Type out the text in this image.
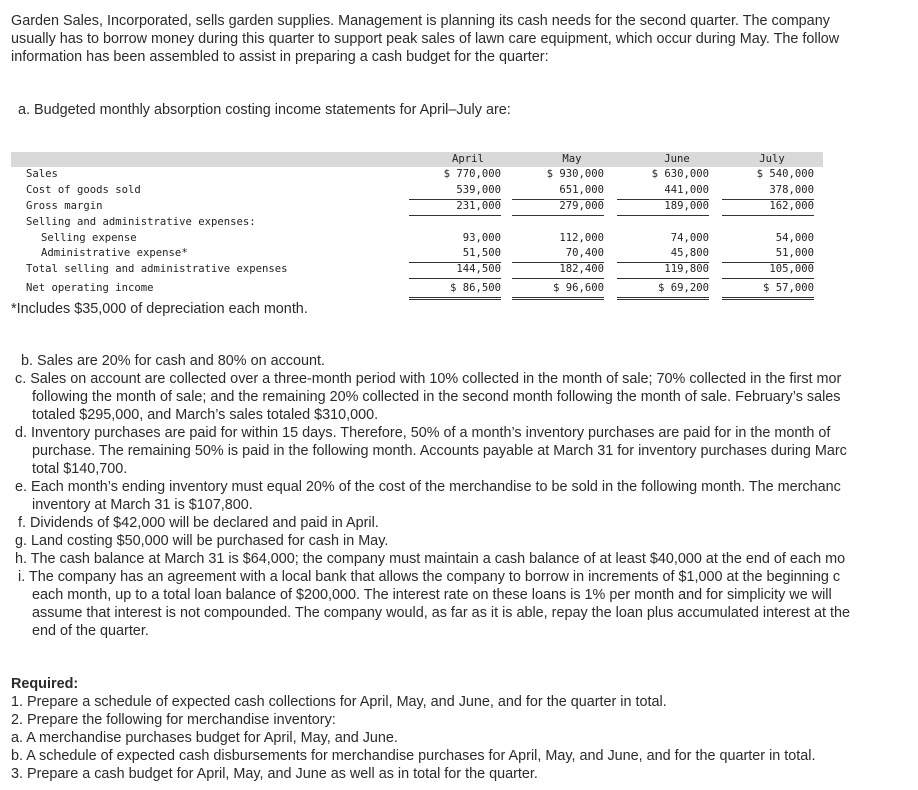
Garden Sales, Incorporated, sells garden supplies. Management is planning its cash needs for the second quarter. The company

usually has to borrow money during this quarter to support peak sales of lawn care equipment, which occur during May. The follow

information has been assembled to assist in preparing a cash budget for the quarter:

a. Budgeted monthly absorption costing income statements for April–July are:

April	May	June	July
Sales	$ 770,000	$ 930,000	$ 630,000	$ 540,000
Cost of goods sold	539,000	651,000	441,000	378,000
Gross margin	231,000	279,000	189,000	162,000
Selling and administrative expenses:
Selling expense	93,000	112,000	74,000	54,000
Administrative expense*	51,500	70,400	45,800	51,000
Total selling and administrative expenses	144,500	182,400	119,800	105,000
Net operating income	$ 86,500	$ 96,600	$ 69,200	$ 57,000

*Includes $35,000 of depreciation each month.

b. Sales are 20% for cash and 80% on account.

c. Sales on account are collected over a three-month period with 10% collected in the month of sale; 70% collected in the first mor

following the month of sale; and the remaining 20% collected in the second month following the month of sale. February’s sales

totaled $295,000, and March’s sales totaled $310,000.

d. Inventory purchases are paid for within 15 days. Therefore, 50% of a month’s inventory purchases are paid for in the month of

purchase. The remaining 50% is paid in the following month. Accounts payable at March 31 for inventory purchases during Marc

total $140,700.

e. Each month’s ending inventory must equal 20% of the cost of the merchandise to be sold in the following month. The merchanc

inventory at March 31 is $107,800.

f. Dividends of $42,000 will be declared and paid in April.

g. Land costing $50,000 will be purchased for cash in May.

h. The cash balance at March 31 is $64,000; the company must maintain a cash balance of at least $40,000 at the end of each mo

i. The company has an agreement with a local bank that allows the company to borrow in increments of $1,000 at the beginning c

each month, up to a total loan balance of $200,000. The interest rate on these loans is 1% per month and for simplicity we will

assume that interest is not compounded. The company would, as far as it is able, repay the loan plus accumulated interest at the

end of the quarter.

Required:

1. Prepare a schedule of expected cash collections for April, May, and June, and for the quarter in total.

2. Prepare the following for merchandise inventory:

a. A merchandise purchases budget for April, May, and June.

b. A schedule of expected cash disbursements for merchandise purchases for April, May, and June, and for the quarter in total.

3. Prepare a cash budget for April, May, and June as well as in total for the quarter.
